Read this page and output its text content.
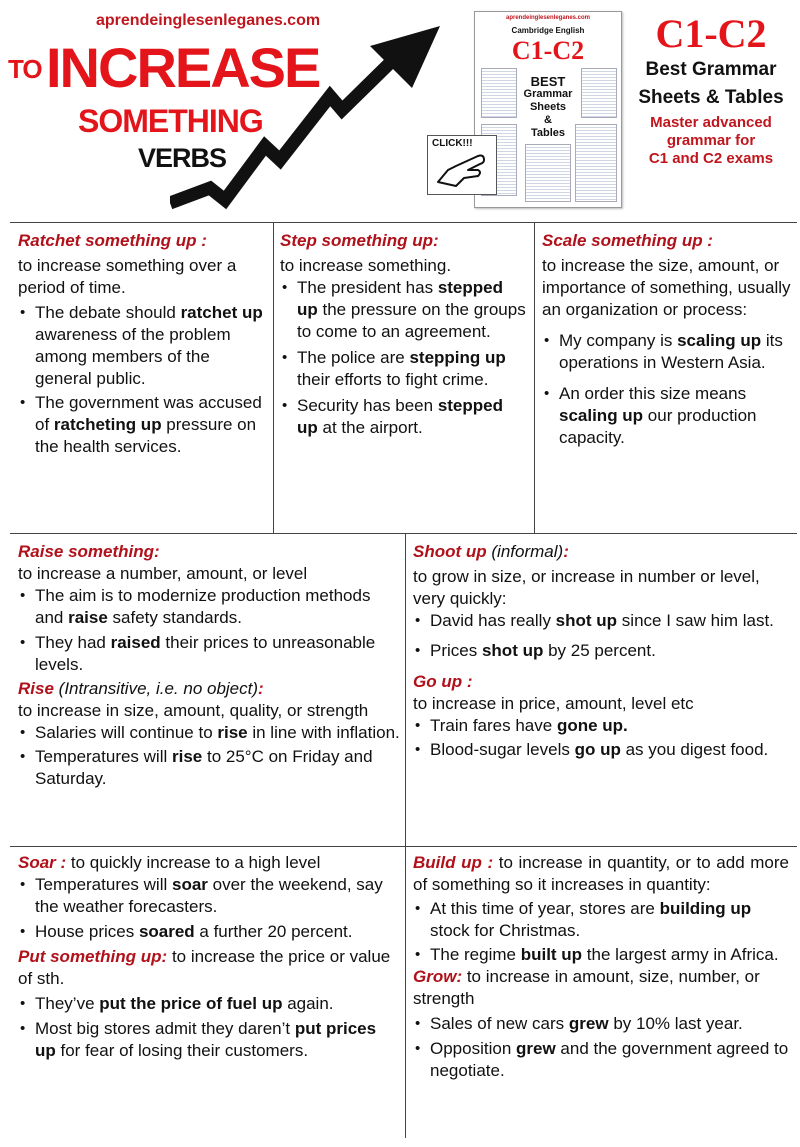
aprendeinglesenleganes.com
TO INCREASE
SOMETHING
VERBS
aprendeinglesenleganes.com
Cambridge English
C1-C2
BEST
Grammar Sheets
&
Tables
CLICK!!!
C1-C2
Best Grammar
Sheets & Tables
Master advanced
grammar for
C1 and C2 exams
Ratchet something up :
to increase something over a period of time.
• The debate should ratchet up awareness of the problem among members of the general public.
• The government was accused of ratcheting up pressure on the health services.
Step something up:
to increase something.
• The president has stepped up the pressure on the groups to come to an agreement.
• The police are stepping up their efforts to fight crime.
• Security has been stepped up at the airport.
Scale something up :
to increase the size, amount, or importance of something, usually an organization or process:
• My company is scaling up its operations in Western Asia.
• An order this size means scaling up our production capacity.
Raise something:
to increase a number, amount, or level
• The aim is to modernize production methods and raise safety standards.
• They had raised their prices to unreasonable levels.
Rise (Intransitive, i.e. no object):
to increase in size, amount, quality, or strength
• Salaries will continue to rise in line with inflation.
• Temperatures will rise to 25°C on Friday and Saturday.
Shoot up (informal):
to grow in size, or increase in number or level, very quickly:
• David has really shot up since I saw him last.
• Prices shot up by 25 percent.
Go up :
to increase in price, amount, level etc
• Train fares have gone up.
• Blood-sugar levels go up as you digest food.
Soar : to quickly increase to a high level
• Temperatures will soar over the weekend, say the weather forecasters.
• House prices soared a further 20 percent.
Put something up: to increase the price or value of sth.
• They’ve put the price of fuel up again.
• Most big stores admit they daren’t put prices up for fear of losing their customers.
Build up : to increase in quantity, or to add more of something so it increases in quantity:
• At this time of year, stores are building up stock for Christmas.
• The regime built up the largest army in Africa.
Grow: to increase in amount, size, number, or strength
• Sales of new cars grew by 10% last year.
• Opposition grew and the government agreed to negotiate.
